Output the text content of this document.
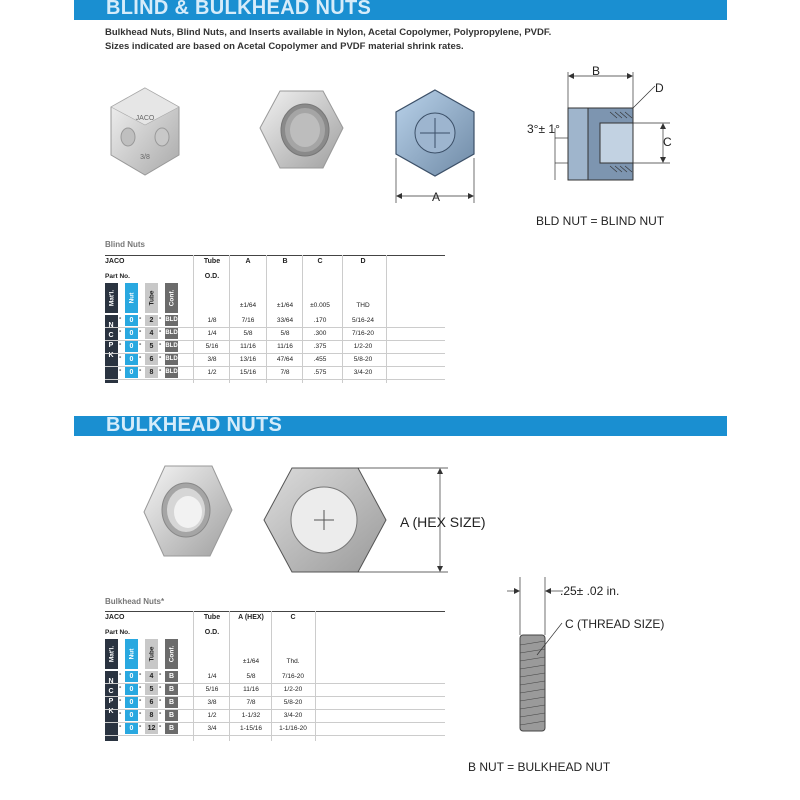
BLIND & BULKHEAD NUTS
Bulkhead Nuts, Blind Nuts, and Inserts available in Nylon, Acetal Copolymer, Polypropylene, PVDF.
Sizes indicated are based on Acetal Copolymer and PVDF material shrink rates.
JACO
3/8
A
B
D
C
3°± 1°
BLD NUT = BLIND NUT
Blind Nuts
JACO
Part No.
Tube
O.D.
A	B	C	D
±1/64	±1/64	±0.005	THD
Mat'l. Nut Tube Conf.
N C P K
-	0 -	2 - BLD	1/8	7/16	33/64	.170	5/16-24
-	0 -	4 - BLD	1/4	5/8	5/8	.300	7/16-20
-	0 -	5 - BLD	5/16	11/16	11/16	.375	1/2-20
-	0 -	6 - BLD	3/8	13/16	47/64	.455	5/8-20
-	0 -	8 - BLD	1/2	15/16	7/8	.575	3/4-20
BULKHEAD NUTS
A (HEX SIZE)
.25± .02 in.
C (THREAD SIZE)
B NUT = BULKHEAD NUT
Bulkhead Nuts*
JACO
Part No.
Tube
O.D.
A (HEX)	C
±1/64	Thd.
Mat'l. Nut Tube Conf.
N C P K
-	0 -	4 -	B	1/4	5/8	7/16-20
-	0 -	5 -	B	5/16	11/16	1/2-20
-	0 -	6 -	B	3/8	7/8	5/8-20
-	0 -	8 -	B	1/2	1-1/32	3/4-20
-	0 - 12 -	B	3/4	1-15/16	1-1/16-20
